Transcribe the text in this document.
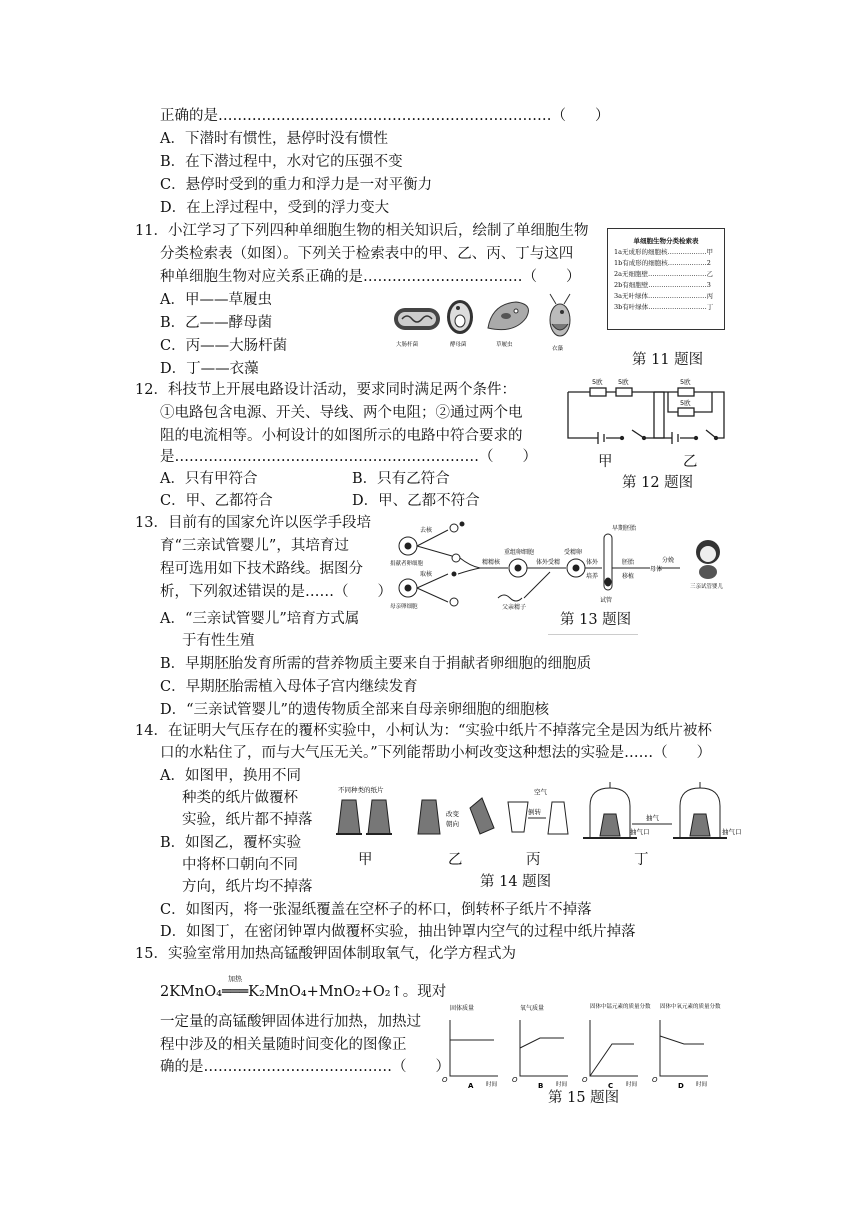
正确的是……………………………………………………………（　　）
A．下潜时有惯性，悬停时没有惯性
B．在下潜过程中，水对它的压强不变
C．悬停时受到的重力和浮力是一对平衡力
D．在上浮过程中，受到的浮力变大
11．小江学习了下列四种单细胞生物的相关知识后，绘制了单细胞生物
分类检索表（如图）。下列关于检索表中的甲、乙、丙、丁与这四
种单细胞生物对应关系正确的是……………………………（　　）
A．甲——草履虫
B．乙——酵母菌
C．丙——大肠杆菌
D．丁——衣藻
12．科技节上开展电路设计活动，要求同时满足两个条件：
①电路包含电源、开关、导线、两个电阻；②通过两个电
阻的电流相等。小柯设计的如图所示的电路中符合要求的
是………………………………………………………（　　）
A．只有甲符合	B．只有乙符合
C．甲、乙都符合	D．甲、乙都不符合
13．目前有的国家允许以医学手段培
育“三亲试管婴儿”，其培育过
程可选用如下技术路线。据图分
析，下列叙述错误的是……（　　）
A．“三亲试管婴儿”培育方式属
于有性生殖
B．早期胚胎发育所需的营养物质主要来自于捐献者卵细胞的细胞质
C．早期胚胎需植入母体子宫内继续发育
D．“三亲试管婴儿”的遗传物质全部来自母亲卵细胞的细胞核
14．在证明大气压存在的覆杯实验中，小柯认为：“实验中纸片不掉落完全是因为纸片被杯
口的水粘住了，而与大气压无关。”下列能帮助小柯改变这种想法的实验是……（　　）
A．如图甲，换用不同
种类的纸片做覆杯
实验，纸片都不掉落
B．如图乙，覆杯实验
中将杯口朝向不同
方向，纸片均不掉落
C．如图丙，将一张湿纸覆盖在空杯子的杯口，倒转杯子纸片不掉落
D．如图丁，在密闭钟罩内做覆杯实验，抽出钟罩内空气的过程中纸片掉落
15．实验室常用加热高锰酸钾固体制取氧气，化学方程式为
加热
2KMnO₄═══K₂MnO₄+MnO₂+O₂↑。现对
一定量的高锰酸钾固体进行加热，加热过
程中涉及的相关量随时间变化的图像正
确的是…………………………………（　　）
单细胞生物分类检索表
1a无成形的细胞核………………甲
1b有成形的细胞核………………2
2a无细胞壁………………………乙
2b有细胞壁………………………3
3a无叶绿体………………………丙
3b有叶绿体………………………丁
大肠杆菌	酵母菌	草履虫
衣藻
第 11 题图
5欧 5欧	5欧
5欧
甲	乙
第 12 题图
去核
取核
捐献者卵细胞
母亲卵细胞
精精核
重组卵细胞
体外受精
受精卵
体外
培养
胚胎
移植
试管
早期胚胎
母体
分娩
三亲试管婴儿
父亲精子
第 13 题图
不同种类的纸片
改变
朝向
空气
倒转
抽气
抽气口	抽气口
甲	乙	丙	丁
第 14 题图
固体质量	氧气质量	固体中锰元素的质量分数 固体中氧元素的质量分数
时间	时间	时间	时间
O	O	O	O
A	B	C	D
第 15 题图
